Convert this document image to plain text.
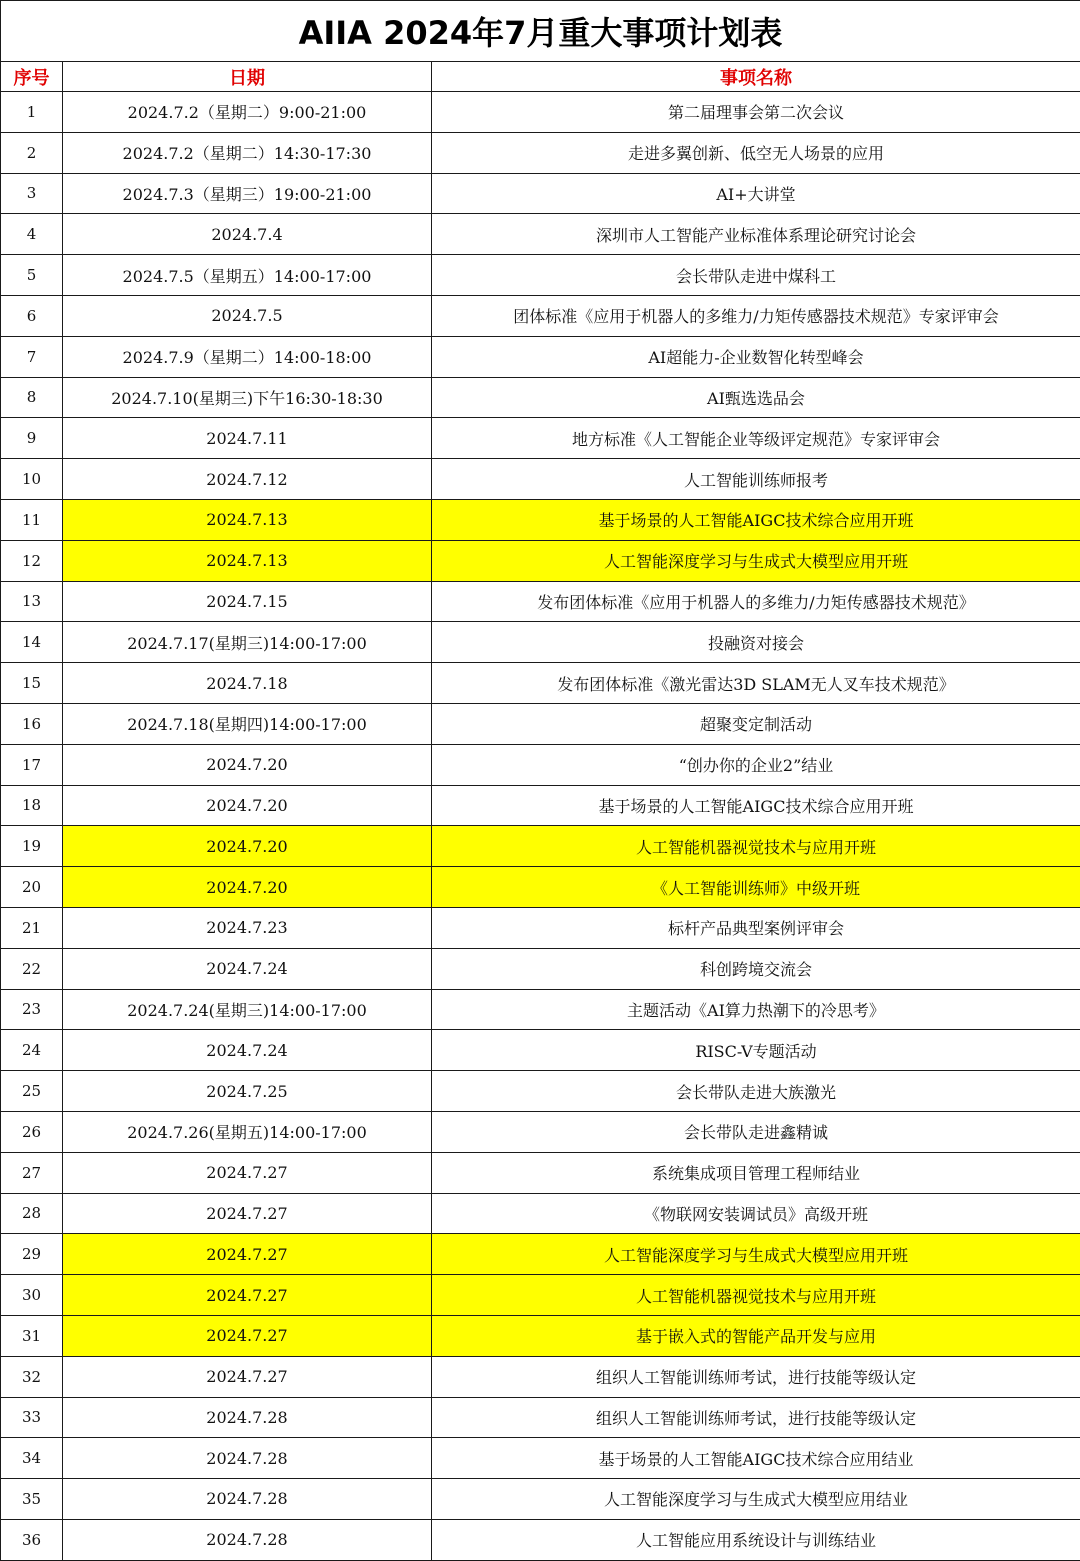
AIIA 2024年7月重大事项计划表		
序号	日期	事项名称
1	2024.7.2（星期二）9:00-21:00	第二届理事会第二次会议
2	2024.7.2（星期二）14:30-17:30	走进多翼创新、低空无人场景的应用
3	2024.7.3（星期三）19:00-21:00	AI+大讲堂
4	2024.7.4	深圳市人工智能产业标准体系理论研究讨论会
5	2024.7.5（星期五）14:00-17:00	会长带队走进中煤科工
6	2024.7.5	团体标准《应用于机器人的多维力/力矩传感器技术规范》专家评审会
7	2024.7.9（星期二）14:00-18:00	AI超能力-企业数智化转型峰会
8	2024.7.10(星期三)下午16:30-18:30	AI甄选选品会
9	2024.7.11	地方标准《人工智能企业等级评定规范》专家评审会
10	2024.7.12	人工智能训练师报考
11	2024.7.13	基于场景的人工智能AIGC技术综合应用开班
12	2024.7.13	人工智能深度学习与生成式大模型应用开班
13	2024.7.15	发布团体标准《应用于机器人的多维力/力矩传感器技术规范》
14	2024.7.17(星期三)14:00-17:00	投融资对接会
15	2024.7.18	发布团体标准《激光雷达3D SLAM无人叉车技术规范》
16	2024.7.18(星期四)14:00-17:00	超聚变定制活动
17	2024.7.20	“创办你的企业2”结业
18	2024.7.20	基于场景的人工智能AIGC技术综合应用开班
19	2024.7.20	人工智能机器视觉技术与应用开班
20	2024.7.20	《人工智能训练师》中级开班
21	2024.7.23	标杆产品典型案例评审会
22	2024.7.24	科创跨境交流会
23	2024.7.24(星期三)14:00-17:00	主题活动《AI算力热潮下的冷思考》
24	2024.7.24	RISC-V专题活动
25	2024.7.25	会长带队走进大族激光
26	2024.7.26(星期五)14:00-17:00	会长带队走进鑫精诚
27	2024.7.27	系统集成项目管理工程师结业
28	2024.7.27	《物联网安装调试员》高级开班
29	2024.7.27	人工智能深度学习与生成式大模型应用开班
30	2024.7.27	人工智能机器视觉技术与应用开班
31	2024.7.27	基于嵌入式的智能产品开发与应用
32	2024.7.27	组织人工智能训练师考试，进行技能等级认定
33	2024.7.28	组织人工智能训练师考试，进行技能等级认定
34	2024.7.28	基于场景的人工智能AIGC技术综合应用结业
35	2024.7.28	人工智能深度学习与生成式大模型应用结业
36	2024.7.28	人工智能应用系统设计与训练结业
